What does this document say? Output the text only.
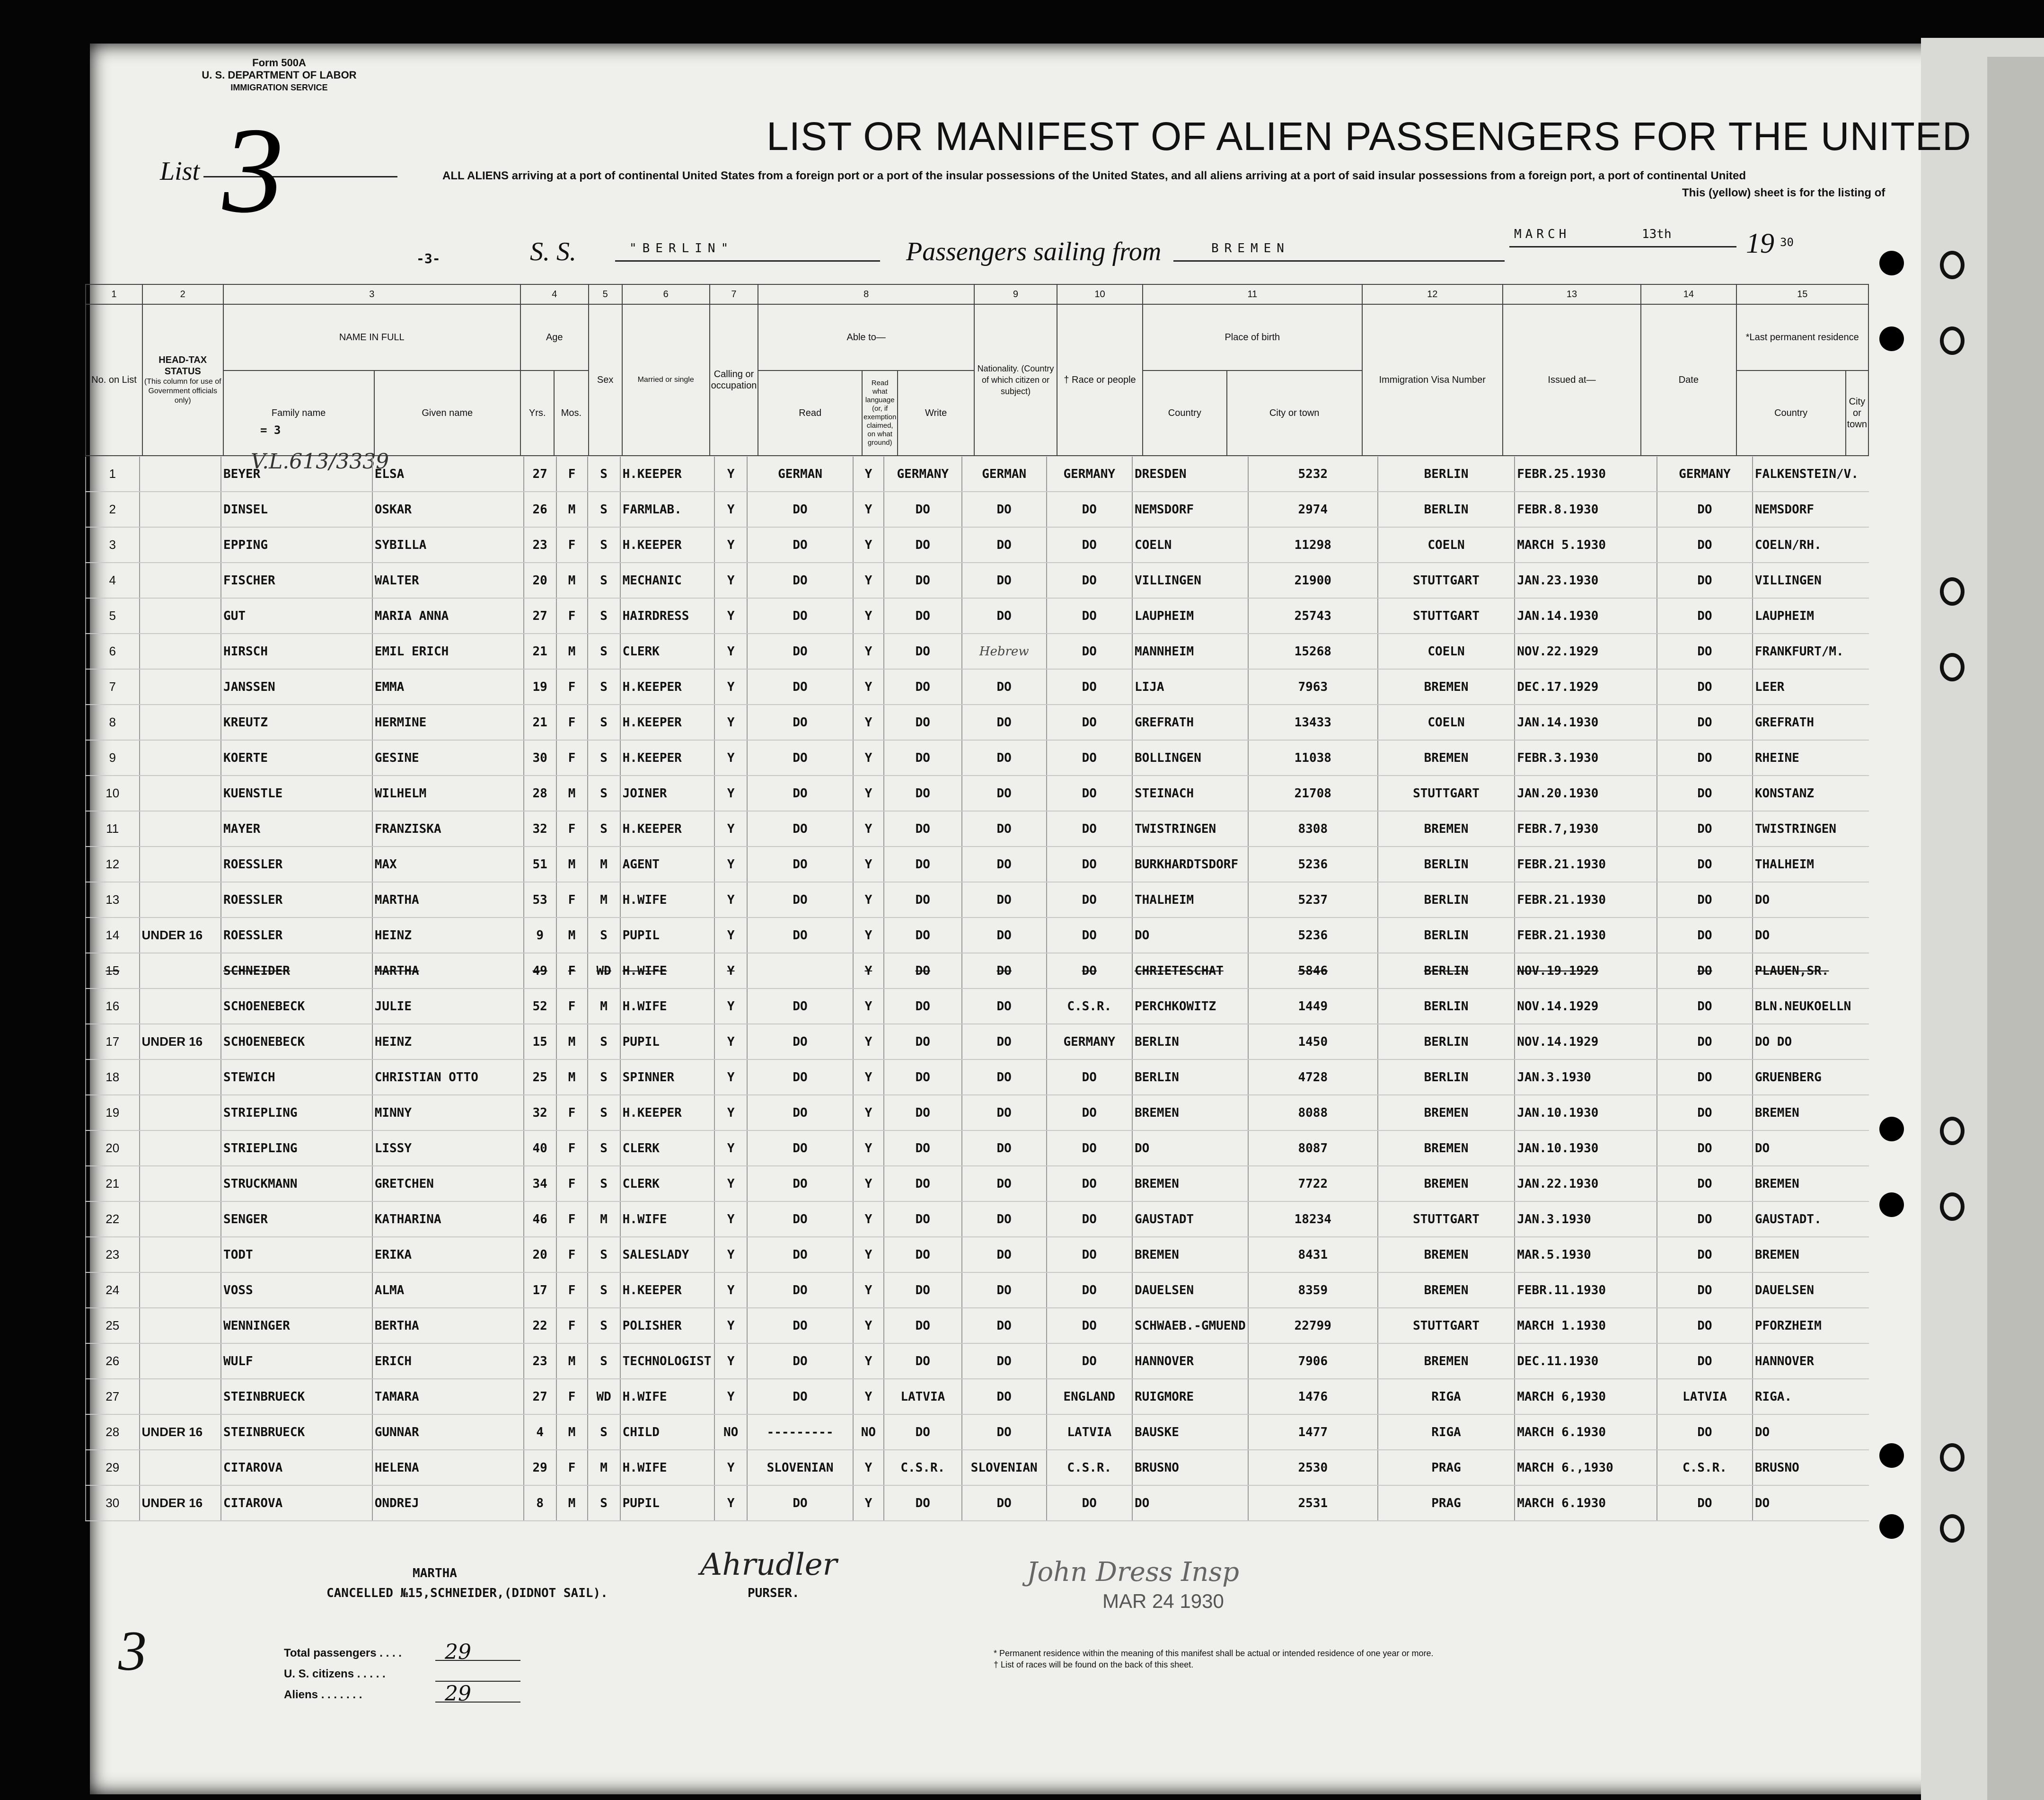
Form 500A
U. S. DEPARTMENT OF LABOR
IMMIGRATION SERVICE
List 3	LIST OR MANIFEST OF ALIEN PASSENGERS FOR THE UNITED
ALL ALIENS arriving at a port of continental United States from a foreign port or a port of the insular possessions of the United States, and all aliens arriving at a port of said insular possessions from a foreign port, a port of continental United
This (yellow) sheet is for the listing of
-3-	S. S.	"BERLIN"	Passengers sailing from	BREMEN
MARCH	13th	19 30
1	2	3		4		5	6	7	8			9	10	11		12	13	14	15	
No. on List	HEAD-TAX STATUS
(This column for use of Government officials only)	NAME IN FULL		Age		Sex	Married or single	Calling or occupation	Able to—			Nationality. (Country of which citizen or subject)	† Race or people	Place of birth		Immigration Visa Number	Issued at—	Date	*Last permanent residence	
		Family name	Given name	Yrs.	Mos.				Read	Read what language (or, if exemption claimed, on what ground)	Write			Country	City or town				Country	City or town
= 3
V.L.613/3339
1		BEYER	ELSA	27	F	S	H.KEEPER	Y	GERMAN	Y	GERMANY	GERMAN	GERMANY	DRESDEN	5232	BERLIN	FEBR.25.1930	GERMANY	FALKENSTEIN/V.
2		DINSEL	OSKAR	26	M	S	FARMLAB.	Y	DO	Y	DO	DO	DO	NEMSDORF	2974	BERLIN	FEBR.8.1930	DO	NEMSDORF
3		EPPING	SYBILLA	23	F	S	H.KEEPER	Y	DO	Y	DO	DO	DO	COELN	11298	COELN	MARCH 5.1930	DO	COELN/RH.
4		FISCHER	WALTER	20	M	S	MECHANIC	Y	DO	Y	DO	DO	DO	VILLINGEN	21900	STUTTGART	JAN.23.1930	DO	VILLINGEN
5		GUT	MARIA ANNA	27	F	S	HAIRDRESS	Y	DO	Y	DO	DO	DO	LAUPHEIM	25743	STUTTGART	JAN.14.1930	DO	LAUPHEIM
6		HIRSCH	EMIL ERICH	21	M	S	CLERK	Y	DO	Y	DO	Hebrew	DO	MANNHEIM	15268	COELN	NOV.22.1929	DO	FRANKFURT/M.
7		JANSSEN	EMMA	19	F	S	H.KEEPER	Y	DO	Y	DO	DO	DO	LIJA	7963	BREMEN	DEC.17.1929	DO	LEER
8		KREUTZ	HERMINE	21	F	S	H.KEEPER	Y	DO	Y	DO	DO	DO	GREFRATH	13433	COELN	JAN.14.1930	DO	GREFRATH
9		KOERTE	GESINE	30	F	S	H.KEEPER	Y	DO	Y	DO	DO	DO	BOLLINGEN	11038	BREMEN	FEBR.3.1930	DO	RHEINE
10		KUENSTLE	WILHELM	28	M	S	JOINER	Y	DO	Y	DO	DO	DO	STEINACH	21708	STUTTGART	JAN.20.1930	DO	KONSTANZ
11		MAYER	FRANZISKA	32	F	S	H.KEEPER	Y	DO	Y	DO	DO	DO	TWISTRINGEN	8308	BREMEN	FEBR.7,1930	DO	TWISTRINGEN
12		ROESSLER	MAX	51	M	M	AGENT	Y	DO	Y	DO	DO	DO	BURKHARDTSDORF	5236	BERLIN	FEBR.21.1930	DO	THALHEIM
13		ROESSLER	MARTHA	53	F	M	H.WIFE	Y	DO	Y	DO	DO	DO	THALHEIM	5237	BERLIN	FEBR.21.1930	DO	DO
14	UNDER 16	ROESSLER	HEINZ	9	M	S	PUPIL	Y	DO	Y	DO	DO	DO	DO	5236	BERLIN	FEBR.21.1930	DO	DO
15		SCHNEIDER	MARTHA	49	F	WD	H.WIFE	Y		Y	DO	DO	DO	CHRIETESCHAT	5846	BERLIN	NOV.19.1929	DO	PLAUEN,SR.
16		SCHOENEBECK	JULIE	52	F	M	H.WIFE	Y	DO	Y	DO	DO	C.S.R.	PERCHKOWITZ	1449	BERLIN	NOV.14.1929	DO	BLN.NEUKOELLN
17	UNDER 16	SCHOENEBECK	HEINZ	15	M	S	PUPIL	Y	DO	Y	DO	DO	GERMANY	BERLIN	1450	BERLIN	NOV.14.1929	DO	DO DO
18		STEWICH	CHRISTIAN OTTO	25	M	S	SPINNER	Y	DO	Y	DO	DO	DO	BERLIN	4728	BERLIN	JAN.3.1930	DO	GRUENBERG
19		STRIEPLING	MINNY	32	F	S	H.KEEPER	Y	DO	Y	DO	DO	DO	BREMEN	8088	BREMEN	JAN.10.1930	DO	BREMEN
20		STRIEPLING	LISSY	40	F	S	CLERK	Y	DO	Y	DO	DO	DO	DO	8087	BREMEN	JAN.10.1930	DO	DO
21		STRUCKMANN	GRETCHEN	34	F	S	CLERK	Y	DO	Y	DO	DO	DO	BREMEN	7722	BREMEN	JAN.22.1930	DO	BREMEN
22		SENGER	KATHARINA	46	F	M	H.WIFE	Y	DO	Y	DO	DO	DO	GAUSTADT	18234	STUTTGART	JAN.3.1930	DO	GAUSTADT.
23		TODT	ERIKA	20	F	S	SALESLADY	Y	DO	Y	DO	DO	DO	BREMEN	8431	BREMEN	MAR.5.1930	DO	BREMEN
24		VOSS	ALMA	17	F	S	H.KEEPER	Y	DO	Y	DO	DO	DO	DAUELSEN	8359	BREMEN	FEBR.11.1930	DO	DAUELSEN
25		WENNINGER	BERTHA	22	F	S	POLISHER	Y	DO	Y	DO	DO	DO	SCHWAEB.-GMUEND	22799	STUTTGART	MARCH 1.1930	DO	PFORZHEIM
26		WULF	ERICH	23	M	S	TECHNOLOGIST	Y	DO	Y	DO	DO	DO	HANNOVER	7906	BREMEN	DEC.11.1930	DO	HANNOVER
27		STEINBRUECK	TAMARA	27	F	WD	H.WIFE	Y	DO	Y	LATVIA	DO	ENGLAND	RUIGMORE	1476	RIGA	MARCH 6,1930	LATVIA	RIGA.
28	UNDER 16	STEINBRUECK	GUNNAR	4	M	S	CHILD	NO	---------	NO	DO	DO	LATVIA	BAUSKE	1477	RIGA	MARCH 6.1930	DO	DO
29		CITAROVA	HELENA	29	F	M	H.WIFE	Y	SLOVENIAN	Y	C.S.R.	SLOVENIAN	C.S.R.	BRUSNO	2530	PRAG	MARCH 6.,1930	C.S.R.	BRUSNO
30	UNDER 16	CITAROVA	ONDREJ	8	M	S	PUPIL	Y	DO	Y	DO	DO	DO	DO	2531	PRAG	MARCH 6.1930	DO	DO
MARTHA
CANCELLED №15,SCHNEIDER,(DIDNOT SAIL).	PURSER.
Ahrudler	John Dress Insp
MAR 24 1930
3	Total passengers . . . . 29
U. S. citizens . . . . .
Aliens . . . . . . .	29
* Permanent residence within the meaning of this manifest shall be actual or intended residence of one year or more.
† List of races will be found on the back of this sheet.
